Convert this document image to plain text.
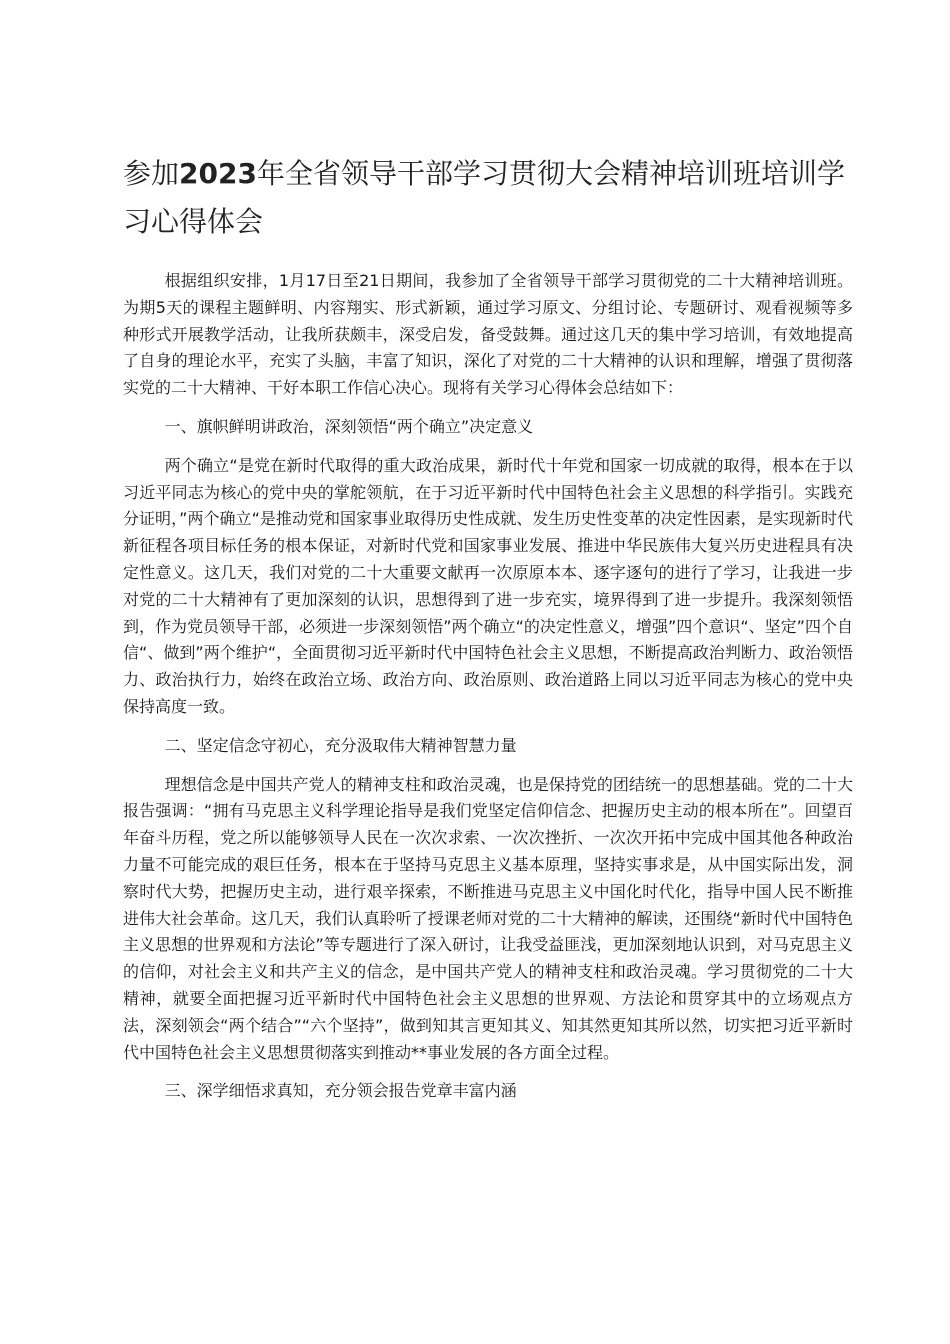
参加2023年全省领导干部学习贯彻大会精神培训班培训学习心得体会

根据组织安排，1月17日至21日期间，我参加了全省领导干部学习贯彻党的二十大精神培训班。为期5天的课程主题鲜明、内容翔实、形式新颖，通过学习原文、分组讨论、专题研讨、观看视频等多种形式开展教学活动，让我所获颇丰，深受启发，备受鼓舞。通过这几天的集中学习培训，有效地提高了自身的理论水平，充实了头脑，丰富了知识，深化了对党的二十大精神的认识和理解，增强了贯彻落实党的二十大精神、干好本职工作信心决心。现将有关学习心得体会总结如下：

一、旗帜鲜明讲政治，深刻领悟“两个确立”决定意义

两个确立“是党在新时代取得的重大政治成果，新时代十年党和国家一切成就的取得，根本在于以习近平同志为核心的党中央的掌舵领航，在于习近平新时代中国特色社会主义思想的科学指引。实践充分证明，”两个确立“是推动党和国家事业取得历史性成就、发生历史性变革的决定性因素，是实现新时代新征程各项目标任务的根本保证，对新时代党和国家事业发展、推进中华民族伟大复兴历史进程具有决定性意义。这几天，我们对党的二十大重要文献再一次原原本本、逐字逐句的进行了学习，让我进一步对党的二十大精神有了更加深刻的认识，思想得到了进一步充实，境界得到了进一步提升。我深刻领悟到，作为党员领导干部，必须进一步深刻领悟”两个确立“的决定性意义，增强”四个意识“、坚定”四个自信“、做到”两个维护“，全面贯彻习近平新时代中国特色社会主义思想，不断提高政治判断力、政治领悟力、政治执行力，始终在政治立场、政治方向、政治原则、政治道路上同以习近平同志为核心的党中央保持高度一致。

二、坚定信念守初心，充分汲取伟大精神智慧力量

理想信念是中国共产党人的精神支柱和政治灵魂，也是保持党的团结统一的思想基础。党的二十大报告强调：“拥有马克思主义科学理论指导是我们党坚定信仰信念、把握历史主动的根本所在”。回望百年奋斗历程，党之所以能够领导人民在一次次求索、一次次挫折、一次次开拓中完成中国其他各种政治力量不可能完成的艰巨任务，根本在于坚持马克思主义基本原理，坚持实事求是，从中国实际出发，洞察时代大势，把握历史主动，进行艰辛探索，不断推进马克思主义中国化时代化，指导中国人民不断推进伟大社会革命。这几天，我们认真聆听了授课老师对党的二十大精神的解读，还围绕“新时代中国特色主义思想的世界观和方法论”等专题进行了深入研讨，让我受益匪浅，更加深刻地认识到，对马克思主义的信仰，对社会主义和共产主义的信念，是中国共产党人的精神支柱和政治灵魂。学习贯彻党的二十大精神，就要全面把握习近平新时代中国特色社会主义思想的世界观、方法论和贯穿其中的立场观点方法，深刻领会“两个结合”“六个坚持”，做到知其言更知其义、知其然更知其所以然，切实把习近平新时代中国特色社会主义思想贯彻落实到推动**事业发展的各方面全过程。

三、深学细悟求真知，充分领会报告党章丰富内涵
